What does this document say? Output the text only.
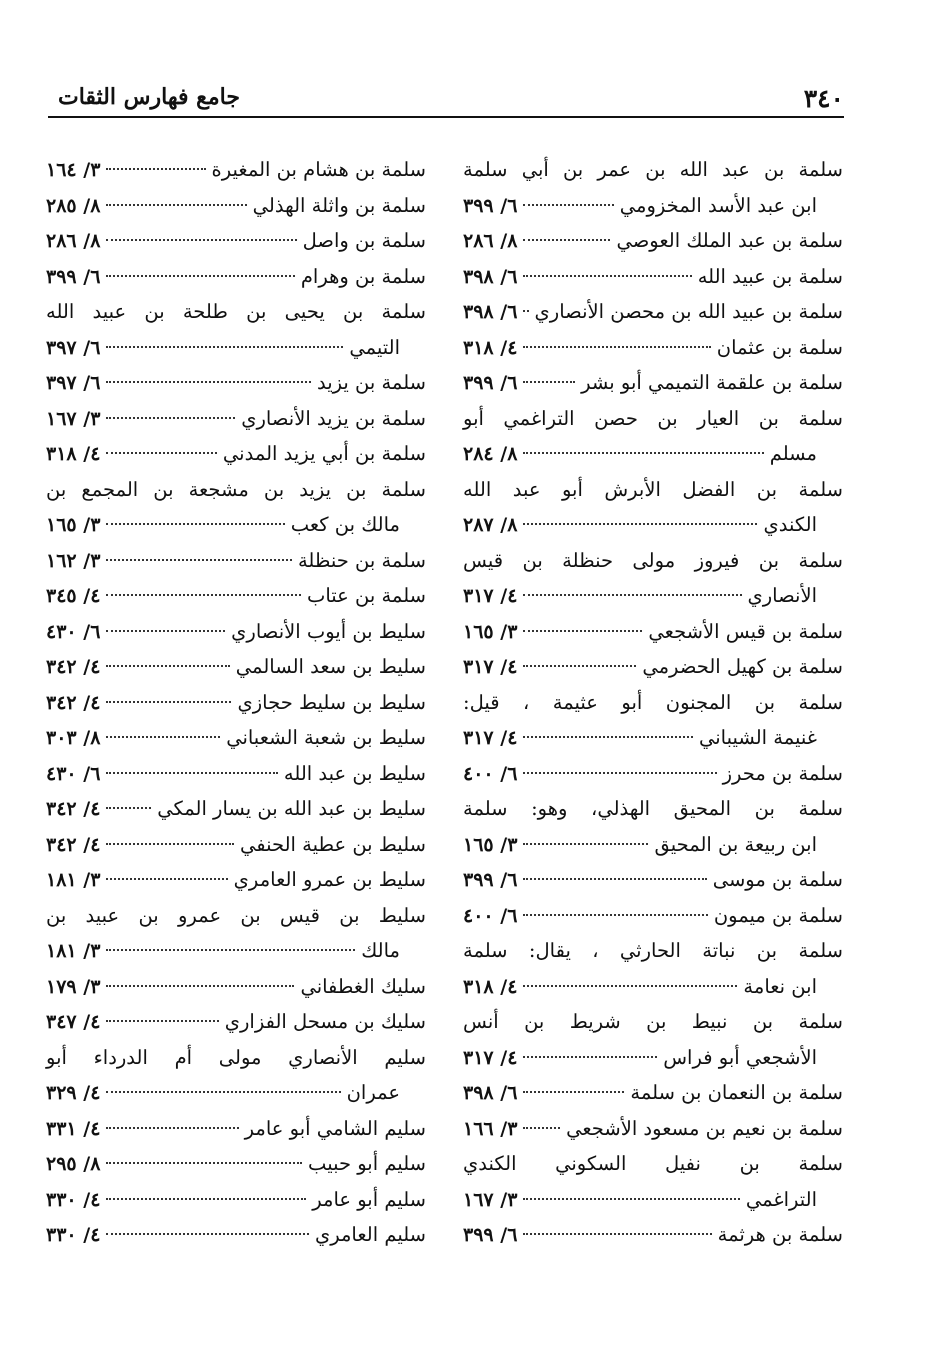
٣٤٠
جامع فهارس الثقات
سلمة بن عبد الله بن عمر بن أبي سلمة
ابن عبد الأسد المخزومي
٦/ ٣٩٩
سلمة بن عبد الملك العوصي
٨/ ٢٨٦
سلمة بن عبيد الله
٦/ ٣٩٨
سلمة بن عبيد الله بن محصن الأنصاري
٦/ ٣٩٨
سلمة بن عثمان
٤/ ٣١٨
سلمة بن علقمة التميمي أبو بشر
٦/ ٣٩٩
سلمة بن العيار بن حصن التراغمي أبو
مسلم
٨/ ٢٨٤
سلمة بن الفضل الأبرش أبو عبد الله
الكندي
٨/ ٢٨٧
سلمة بن فيروز مولى حنظلة بن قيس
الأنصاري
٤/ ٣١٧
سلمة بن قيس الأشجعي
٣/ ١٦٥
سلمة بن كهيل الحضرمي
٤/ ٣١٧
سلمة بن المجنون أبو عثيمة ، قيل:
غنيمة الشيباني
٤/ ٣١٧
سلمة بن محرز
٦/ ٤٠٠
سلمة بن المحيق الهذلي، وهو: سلمة
ابن ربيعة بن المحيق
٣/ ١٦٥
سلمة بن موسى
٦/ ٣٩٩
سلمة بن ميمون
٦/ ٤٠٠
سلمة بن نباتة الحارثي ، يقال: سلمة
ابن نعامة
٤/ ٣١٨
سلمة بن نبيط بن شريط بن أنس
الأشجعي أبو فراس
٤/ ٣١٧
سلمة بن النعمان بن سلمة
٦/ ٣٩٨
سلمة بن نعيم بن مسعود الأشجعي
٣/ ١٦٦
سلمة بن نفيل السكوني الكندي
التراغمي
٣/ ١٦٧
سلمة بن هرثمة
٦/ ٣٩٩
سلمة بن هشام بن المغيرة
٣/ ١٦٤
سلمة بن واثلة الهذلي
٨/ ٢٨٥
سلمة بن واصل
٨/ ٢٨٦
سلمة بن وهرام
٦/ ٣٩٩
سلمة بن يحيى بن طلحة بن عبيد الله
التيمي
٦/ ٣٩٧
سلمة بن يزيد
٦/ ٣٩٧
سلمة بن يزيد الأنصاري
٣/ ١٦٧
سلمة بن أبي يزيد المدني
٤/ ٣١٨
سلمة بن يزيد بن مشجعة بن المجمع بن
مالك بن كعب
٣/ ١٦٥
سلمة بن حنظلة
٣/ ١٦٢
سلمة بن عتاب
٤/ ٣٤٥
سليط بن أيوب الأنصاري
٦/ ٤٣٠
سليط بن سعد السالمي
٤/ ٣٤٢
سليط بن سليط حجازي
٤/ ٣٤٢
سليط بن شعبة الشعباني
٨/ ٣٠٣
سليط بن عبد الله
٦/ ٤٣٠
سليط بن عبد الله بن يسار المكي
٤/ ٣٤٢
سليط بن عطية الحنفي
٤/ ٣٤٢
سليط بن عمرو العامري
٣/ ١٨١
سليط بن قيس بن عمرو بن عبيد بن
مالك
٣/ ١٨١
سليك الغطفاني
٣/ ١٧٩
سليك بن مسحل الفزاري
٤/ ٣٤٧
سليم الأنصاري مولى أم الدرداء أبو
عمران
٤/ ٣٢٩
سليم الشامي أبو عامر
٤/ ٣٣١
سليم أبو حبيب
٨/ ٢٩٥
سليم أبو عامر
٤/ ٣٣٠
سليم العامري
٤/ ٣٣٠
